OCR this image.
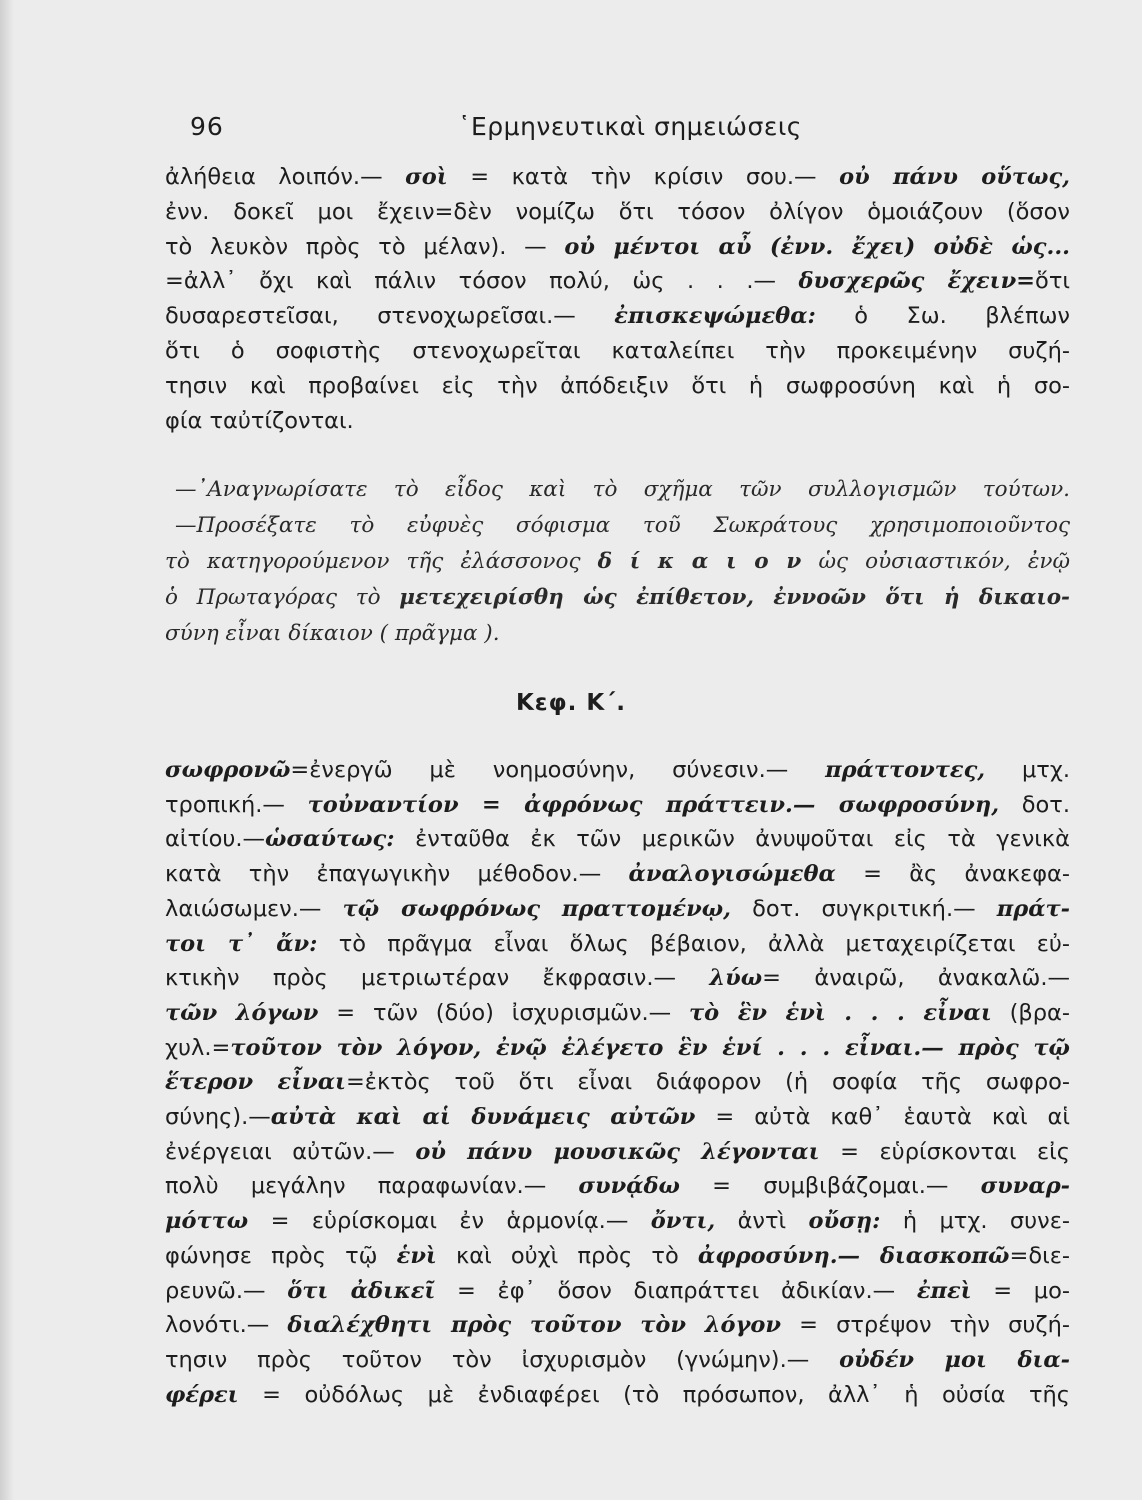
96	῾Ερμηνευτικαὶ σημειώσεις
ἀλήθεια λοιπόν.— σοὶ = κατὰ τὴν κρίσιν σου.— οὐ πάνυ οὕτως,
ἐνν. δοκεῖ μοι ἔχειν=δὲν νομίζω ὅτι τόσον ὀλίγον ὁμοιάζουν (ὅσον
τὸ λευκὸν πρὸς τὸ μέλαν). — οὐ μέντοι αὖ (ἐνν. ἔχει) οὐδὲ ὡς...
=ἀλλ᾽ ὄχι καὶ πάλιν τόσον πολύ, ὡς . . .— δυσχερῶς ἔχειν=ὅτι
δυσαρεστεῖσαι, στενοχωρεῖσαι.— ἐπισκεψώμεθα: ὁ Σω. βλέπων
ὅτι ὁ σοφιστὴς στενοχωρεῖται καταλείπει τὴν προκειμένην συζή-
τησιν καὶ προβαίνει εἰς τὴν ἀπόδειξιν ὅτι ἡ σωφροσύνη καὶ ἡ σο-
φία ταὐτίζονται.
—᾿Αναγνωρίσατε τὸ εἶδος καὶ τὸ σχῆμα τῶν συλλογισμῶν τούτων.
—Προσέξατε τὸ εὐφυὲς σόφισμα τοῦ Σωκράτους χρησιμοποιοῦντος
τὸ κατηγορούμενον τῆς ἐλάσσονος δ ί κ α ι ο ν ὡς οὐσιαστικόν, ἐνῷ
ὁ Πρωταγόρας τὸ μετεχειρίσθη ὡς ἐπίθετον, ἐννοῶν ὅτι ἡ δικαιο-
σύνη εἶναι δίκαιον ( πρᾶγμα ).
Κεφ. Κ΄.
σωφρονῶ=ἐνεργῶ μὲ νοημοσύνην, σύνεσιν.— πράττοντες, μτχ.
τροπική.— τοὐναντίον = ἀφρόνως πράττειν.— σωφροσύνη, δοτ.
αἰτίου.—ὡσαύτως: ἐνταῦθα ἐκ τῶν μερικῶν ἀνυψοῦται εἰς τὰ γενικὰ
κατὰ τὴν ἐπαγωγικὴν μέθοδον.— ἀναλογισώμεθα = ἂς ἀνακεφα-
λαιώσωμεν.— τῷ σωφρόνως πραττομένῳ, δοτ. συγκριτική.— πράτ-
τοι τ᾽ ἄν: τὸ πρᾶγμα εἶναι ὅλως βέβαιον, ἀλλὰ μεταχειρίζεται εὐ-
κτικὴν πρὸς μετριωτέραν ἔκφρασιν.— λύω= ἀναιρῶ, ἀνακαλῶ.—
τῶν λόγων = τῶν (δύο) ἰσχυρισμῶν.— τὸ ἓν ἑνὶ . . . εἶναι (βρα-
χυλ.=τοῦτον τὸν λόγον, ἐνῷ ἐλέγετο ἓν ἑνί . . . εἶναι.— πρὸς τῷ
ἕτερον εἶναι=ἐκτὸς τοῦ ὅτι εἶναι διάφορον (ἡ σοφία τῆς σωφρο-
σύνης).—αὐτὰ καὶ αἱ δυνάμεις αὐτῶν = αὐτὰ καθ᾽ ἑαυτὰ καὶ αἱ
ἐνέργειαι αὐτῶν.— οὐ πάνυ μουσικῶς λέγονται = εὑρίσκονται εἰς
πολὺ μεγάλην παραφωνίαν.— συνᾴδω = συμβιβάζομαι.— συναρ-
μόττω = εὑρίσκομαι ἐν ἁρμονίᾳ.— ὄντι, ἀντὶ οὔσῃ: ἡ μτχ. συνε-
φώνησε πρὸς τῷ ἑνὶ καὶ οὐχὶ πρὸς τὸ ἀφροσύνη.— διασκοπῶ=διε-
ρευνῶ.— ὅτι ἀδικεῖ = ἐφ᾽ ὅσον διαπράττει ἀδικίαν.— ἐπεὶ = μο-
λονότι.— διαλέχθητι πρὸς τοῦτον τὸν λόγον = στρέψον τὴν συζή-
τησιν πρὸς τοῦτον τὸν ἰσχυρισμὸν (γνώμην).— οὐδέν μοι δια-
φέρει = οὐδόλως μὲ ἐνδιαφέρει (τὸ πρόσωπον, ἀλλ᾽ ἡ οὐσία τῆς
